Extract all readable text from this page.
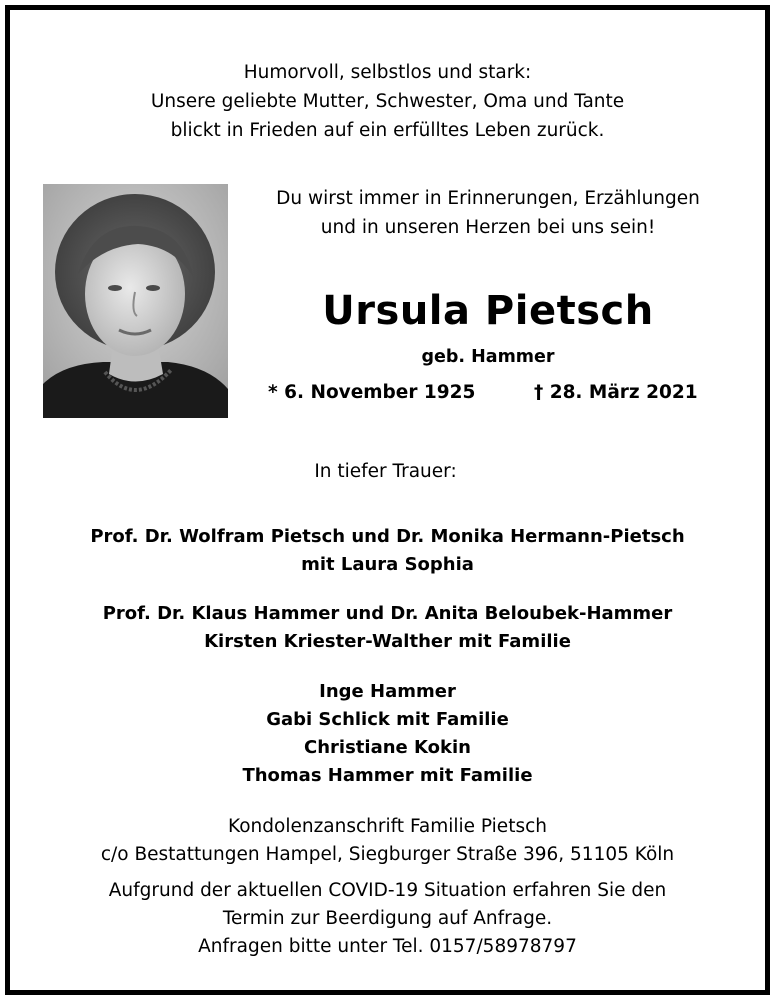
Humorvoll, selbstlos und stark:
Unsere geliebte Mutter, Schwester, Oma und Tante
blickt in Frieden auf ein erfülltes Leben zurück.
Du wirst immer in Erinnerungen, Erzählungen
und in unseren Herzen bei uns sein!
Ursula Pietsch
geb. Hammer
* 6. November 1925	† 28. März 2021
In tiefer Trauer:
Prof. Dr. Wolfram Pietsch und Dr. Monika Hermann-Pietsch
mit Laura Sophia
Prof. Dr. Klaus Hammer und Dr. Anita Beloubek-Hammer
Kirsten Kriester-Walther mit Familie
Inge Hammer
Gabi Schlick mit Familie
Christiane Kokin
Thomas Hammer mit Familie
Kondolenzanschrift Familie Pietsch
c/o Bestattungen Hampel, Siegburger Straße 396, 51105 Köln
Aufgrund der aktuellen COVID-19 Situation erfahren Sie den
Termin zur Beerdigung auf Anfrage.
Anfragen bitte unter Tel. 0157/58978797
